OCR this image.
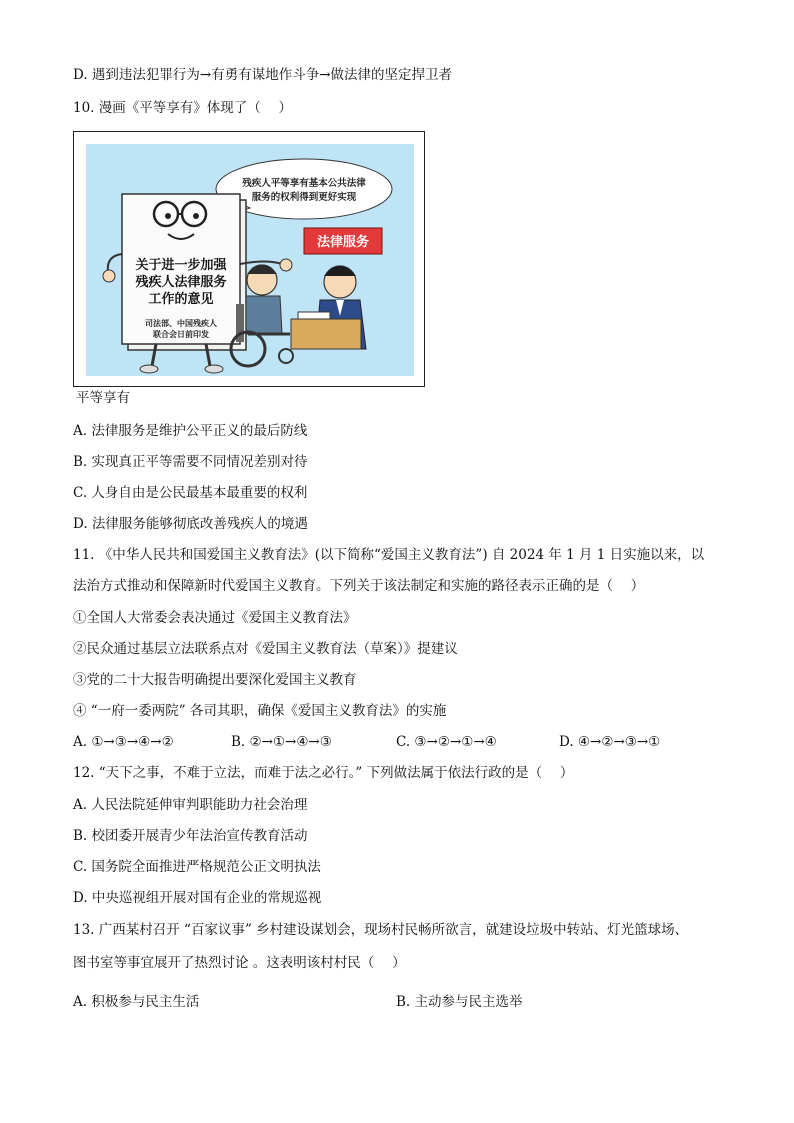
D. 遇到违法犯罪行为→有勇有谋地作斗争→做法律的坚定捍卫者
10. 漫画《平等享有》体现了（　 ）
残疾人平等享有基本公共法律
服务的权利得到更好实现
关于进一步加强
残疾人法律服务
工作的意见
司法部、中国残疾人
联合会日前印发
法律服务
平等享有
A. 法律服务是维护公平正义的最后防线
B. 实现真正平等需要不同情况差别对待
C. 人身自由是公民最基本最重要的权利
D. 法律服务能够彻底改善残疾人的境遇
11. 《中华人民共和国爱国主义教育法》(以下简称“爱国主义教育法”) 自 2024 年 1 月 1 日实施以来，以
法治方式推动和保障新时代爱国主义教育。下列关于该法制定和实施的路径表示正确的是（　 ）
①全国人大常委会表决通过《爱国主义教育法》
②民众通过基层立法联系点对《爱国主义教育法（草案）》提建议
③党的二十大报告明确提出要深化爱国主义教育
④ “一府一委两院” 各司其职，确保《爱国主义教育法》的实施
A. ①→③→④→②	B. ②→①→④→③	C. ③→②→①→④	D. ④→②→③→①
12. “天下之事，不难于立法，而难于法之必行。” 下列做法属于依法行政的是（　 ）
A. 人民法院延伸审判职能助力社会治理
B. 校团委开展青少年法治宣传教育活动
C. 国务院全面推进严格规范公正文明执法
D. 中央巡视组开展对国有企业的常规巡视
13. 广西某村召开 “百家议事” 乡村建设谋划会，现场村民畅所欲言，就建设垃圾中转站、灯光篮球场、
图书室等事宜展开了热烈讨论 。这表明该村村民（　 ）
A. 积极参与民主生活	B. 主动参与民主选举
